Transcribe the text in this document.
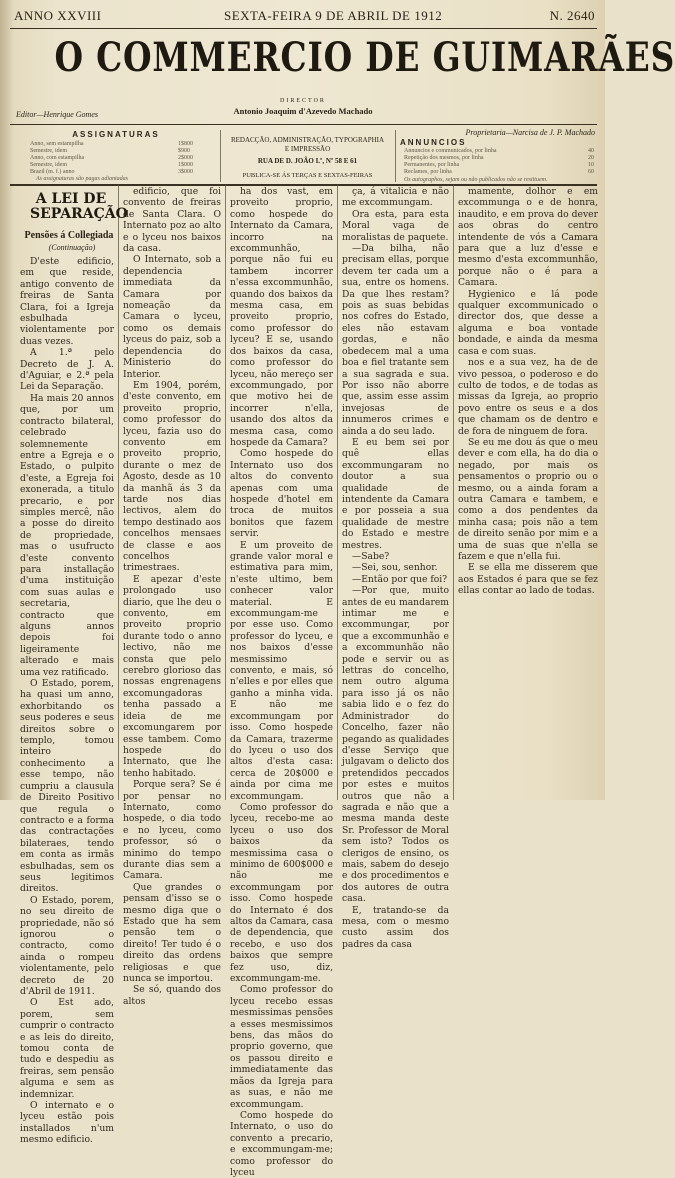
ANNO XXVIII	SEXTA-FEIRA 9 DE ABRIL DE 1912	N. 2640
O COMMERCIO DE GUIMARÃES
DIRECTOR
Editor—Henrique Gomes	Antonio Joaquim d'Azevedo Machado
Proprietaria—Narcisa de J. P. Machado
ASSIGNATURAS
Anno, sem estampilha	1$800
Semestre, idem	$900
Anno, com estampilha	2$000
Semestre, idem	1$000
Brazil (m. f.) anno	3$000
As assignaturas são pagas adiantadas
REDACÇÃO, ADMINISTRAÇÃO, TYPOGRAPHIA
E IMPRESSÃO
RUA DE D. JOÃO I.º, Nº 58 E 61
PUBLICA-SE ÁS TERÇAS E SEXTAS-FEIRAS
ANNUNCIOS
Annuncios e communicados, por linha	40
Repetição dos mesmos, por linha	20
Permanentes, por linha	10
Reclames, por linha	60
Os autographos, sejam ou não publicados não se restituem.
A LEI DE SEPARAÇÃO
Pensões á Collegiada
(Continuação)

D'este edificio, em que reside, antigo convento de freiras de Santa Clara, foi a Igreja esbulhada violentamente por duas vezes.

A 1.ª pelo Decreto de J. A. d'Aguiar, e 2.ª pela Lei da Separação.

Ha mais 20 annos que, por um contracto bilateral, celebrado solemnemente entre a Egreja e o Estado, o pulpito d'este, a Egreja foi exonerada, a titulo precario, e por simples mercê, não a posse do direito de propriedade, mas o usufructo d'este convento para installação d'uma instituição com suas aulas e secretaria, contracto que alguns annos depois foi ligeiramente alterado e mais uma vez ratificado.

O Estado, porem, ha quasi um anno, exhorbitando os seus poderes e seus direitos sobre o templo, tomou inteiro conhecimento a esse tempo, não cumpriu a clausula de Direito Positivo que regula o contracto e a forma das contractações bilateraes, tendo em conta as irmãs esbulhadas, sem os seus legitimos direitos.

O Estado, porem, no seu direito de propriedade, não só ignorou o contracto, como ainda o rompeu violentamente, pelo decreto de 20 d'Abril de 1911.

O Est ado, porem, sem cumprir o contracto e as leis do direito, tomou conta de tudo e despediu as freiras, sem pensão alguma e sem as indemnizar.

O internato e o lyceu estão pois installados n'um mesmo edificio.

edificio, que foi convento de freiras de Santa Clara. O Internato poz ao alto e o lyceu nos baixos da casa.

O Internato, sob a dependencia immediata da Camara por nomeação da Camara o lyceu, como os demais lyceus do paiz, sob a dependencia do Ministerio do Interior.

Em 1904, porém, d'este convento, em proveito proprio, como professor do lyceu, fazia uso do convento em proveito proprio, durante o mez de Agosto, desde as 10 da manhã ás 3 da tarde nos dias lectivos, alem do tempo destinado aos concelhos mensaes de classe e aos concelhos trimestraes.

E apezar d'este prolongado uso diario, que lhe deu o convento, em proveito proprio durante todo o anno lectivo, não me consta que pelo cerebro glorioso das nossas engrenagens excomungadoras tenha passado a ideia de me excomungarem por esse tambem. Como hospede do Internato, que lhe tenho habitado.

Porque sera? Se é por pensar no Internato, como hospede, o dia todo e no lyceu, como professor, só o minimo do tempo durante dias sem a Camara.

Que grandes o pensam d'isso se o mesmo diga que o Estado que ha sem pensão tem o direito! Ter tudo é o direito das ordens religiosas e que nunca se importou.

Se só, quando dos altos

ha dos vast, em proveito proprio, como hospede do Internato da Camara, incorro na excommunhão, porque não fui eu tambem incorrer n'essa excommunhão, quando dos baixos da mesma casa, em proveito proprio, como professor do lyceu? E se, usando dos baixos da casa, como professor do lyceu, não mereço ser excommungado, por que motivo hei de incorrer n'ella, usando dos altos da mesma casa, como hospede da Camara?

Como hospede do Internato uso dos altos do convento apenas com uma hospede d'hotel em troca de muitos bonitos que fazem servir.

E um proveito de grande valor moral e estimativa para mim, n'este ultimo, bem conhecer valor material. E excommungam-me por esse uso. Como professor do lyceu, e nos baixos d'esse mesmissimo convento, e mais, só n'elles e por elles que ganho a minha vida. E não me excommungam por isso. Como hospede da Camara, trazerme do lyceu o uso dos altos d'esta casa: cerca de 20$000 e ainda por cima me excommungam.

Como professor do lyceu, recebo-me ao lyceu o uso dos baixos da mesmissima casa o minimo de 600$000 e não me excommungam por isso. Como hospede do Internato é dos altos da Camara, casa de dependencia, que recebo, e uso dos baixos que sempre fez uso, diz, excommungam-me.

Como professor do lyceu recebo essas mesmissimas pensões a esses mesmissimos bens, das mãos do proprio governo, que os passou direito e immediatamente das mãos da Igreja para as suas, e não me excommungam.

Como hospede do Internato, o uso do convento a precario, e excommungam-me; como professor do lyceu

ça, á vitalicia e não me excommungam.

Ora esta, para esta Moral vaga de moralistas de paquete.

—Da bilha, não precisam ellas, porque devem ter cada um a sua, entre os homens. Da que lhes restam? pois as suas bebidas nos cofres do Estado, eles não estavam gordas, e não obedecem mal a uma boa e fiel tratante sem a sua sagrada e sua. Por isso não aborre que, assim esse assim invejosas de innumeros crimes e ainda a do seu lado.

E eu bem sei por quê ellas excommungaram no doutor a sua qualidade de intendente da Camara e por posseia a sua qualidade de mestre do Estado e mestre mestres.

—Sabe?

—Sei, sou, senhor.

—Então por que foi?

—Por que, muito antes de eu mandarem intimar me e excommungar, por que a excommunhão e a excommunhão não pode e servir ou as lettras do concelho, nem outro alguma para isso já os não sabia lido e o fez do Administrador do Concelho, fazer não pegando as qualidades d'esse Serviço que julgavam o delicto dos pretendidos peccados por estes e muitos outros que não a sagrada e não que a mesma manda deste Sr. Professor de Moral sem isto? Todos os clerigos de ensino, os mais, sabem do desejo e dos procedimentos e dos autores de outra casa.

E, tratando-se da mesa, com o mesmo custo assim dos padres da casa

mamente, dolhor e em excommunga o e de honra, inaudito, e em prova do dever aos obras do centro intendente de vós a Camara para que a luz d'esse e mesmo d'esta excommunhão, porque não o é para a Camara.

Hygienico e lá pode qualquer excommunicado o director dos, que desse a alguma e boa vontade bondade, e ainda da mesma casa e com suas.

nos e a sua vez, ha de de vivo pessoa, o poderoso e do culto de todos, e de todas as missas da Igreja, ao proprio povo entre os seus e a dos que chamam os de dentro e de fora de ninguem de fora.

Se eu me dou ás que o meu dever e com ella, ha do dia o negado, por mais os pensamentos o proprio ou o mesmo, ou a ainda foram a outra Camara e tambem, e como a dos pendentes da minha casa; pois não a tem de direito senão por mim e a uma de suas que n'ella se fazem e que n'ella fui.

E se ella me disserem que aos Estados é para que se fez ellas contar ao lado de todas.
